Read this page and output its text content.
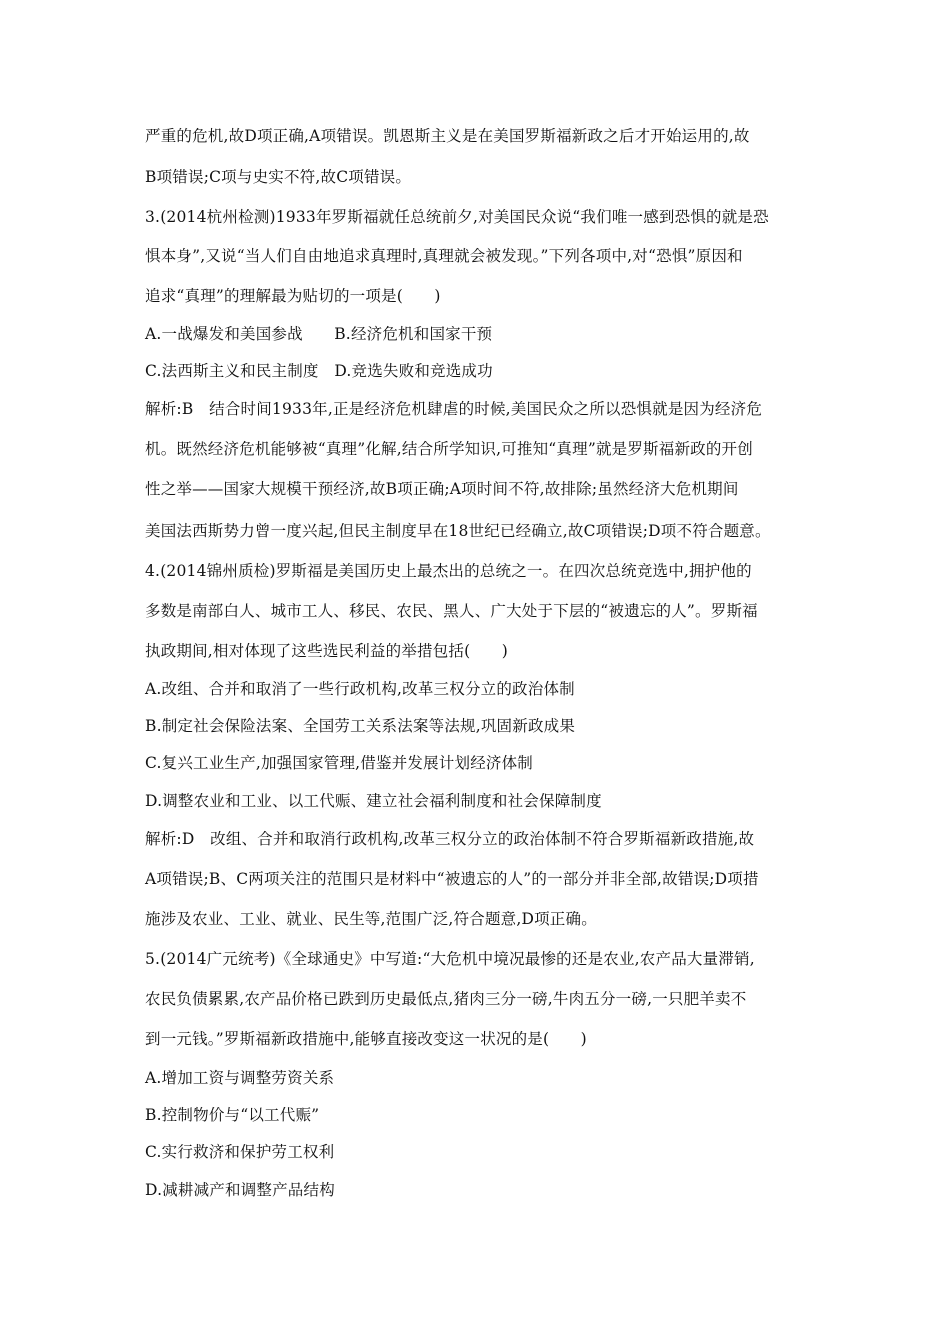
严重的危机,故D项正确,A项错误。凯恩斯主义是在美国罗斯福新政之后才开始运用的,故
B项错误;C项与史实不符,故C项错误。
3.(2014杭州检测)1933年罗斯福就任总统前夕,对美国民众说“我们唯一感到恐惧的就是恐
惧本身”,又说“当人们自由地追求真理时,真理就会被发现。”下列各项中,对“恐惧”原因和
追求“真理”的理解最为贴切的一项是(　　)
A.一战爆发和美国参战　　B.经济危机和国家干预
C.法西斯主义和民主制度　D.竞选失败和竞选成功
解析:B　结合时间1933年,正是经济危机肆虐的时候,美国民众之所以恐惧就是因为经济危
机。既然经济危机能够被“真理”化解,结合所学知识,可推知“真理”就是罗斯福新政的开创
性之举——国家大规模干预经济,故B项正确;A项时间不符,故排除;虽然经济大危机期间
美国法西斯势力曾一度兴起,但民主制度早在18世纪已经确立,故C项错误;D项不符合题意。
4.(2014锦州质检)罗斯福是美国历史上最杰出的总统之一。在四次总统竞选中,拥护他的
多数是南部白人、城市工人、移民、农民、黑人、广大处于下层的“被遗忘的人”。罗斯福
执政期间,相对体现了这些选民利益的举措包括(　　)
A.改组、合并和取消了一些行政机构,改革三权分立的政治体制
B.制定社会保险法案、全国劳工关系法案等法规,巩固新政成果
C.复兴工业生产,加强国家管理,借鉴并发展计划经济体制
D.调整农业和工业、以工代赈、建立社会福利制度和社会保障制度
解析:D　改组、合并和取消行政机构,改革三权分立的政治体制不符合罗斯福新政措施,故
A项错误;B、C两项关注的范围只是材料中“被遗忘的人”的一部分并非全部,故错误;D项措
施涉及农业、工业、就业、民生等,范围广泛,符合题意,D项正确。
5.(2014广元统考)《全球通史》中写道:“大危机中境况最惨的还是农业,农产品大量滞销,
农民负债累累,农产品价格已跌到历史最低点,猪肉三分一磅,牛肉五分一磅,一只肥羊卖不
到一元钱。”罗斯福新政措施中,能够直接改变这一状况的是(　　)
A.增加工资与调整劳资关系
B.控制物价与“以工代赈”
C.实行救济和保护劳工权利
D.减耕减产和调整产品结构
